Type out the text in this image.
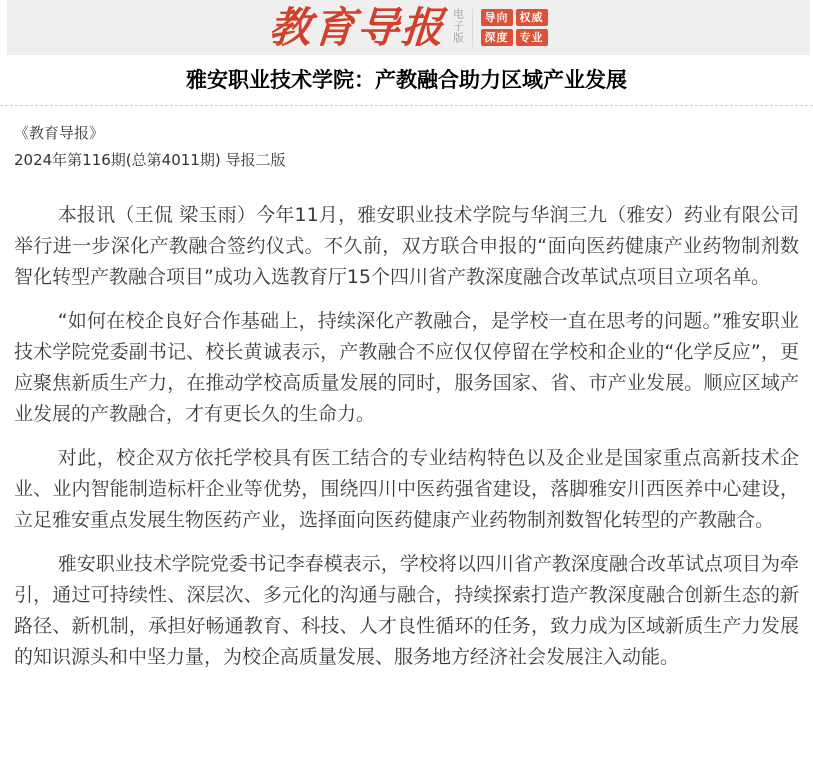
教育导报 电子版	导向	权威
深度	专业
雅安职业技术学院：产教融合助力区域产业发展
《教育导报》
2024年第116期(总第4011期) 导报二版

本报讯（王侃 梁玉雨）今年11月，雅安职业技术学院与华润三九（雅安）药业有限公司举行进一步深化产教融合签约仪式。不久前，双方联合申报的“面向医药健康产业药物制剂数智化转型产教融合项目”成功入选教育厅15个四川省产教深度融合改革试点项目立项名单。

“如何在校企良好合作基础上，持续深化产教融合，是学校一直在思考的问题。”雅安职业技术学院党委副书记、校长黄诚表示，产教融合不应仅仅停留在学校和企业的“化学反应”，更应聚焦新质生产力，在推动学校高质量发展的同时，服务国家、省、市产业发展。顺应区域产业发展的产教融合，才有更长久的生命力。

对此，校企双方依托学校具有医工结合的专业结构特色以及企业是国家重点高新技术企业、业内智能制造标杆企业等优势，围绕四川中医药强省建设，落脚雅安川西医养中心建设，立足雅安重点发展生物医药产业，选择面向医药健康产业药物制剂数智化转型的产教融合。

雅安职业技术学院党委书记李春模表示，学校将以四川省产教深度融合改革试点项目为牵引，通过可持续性、深层次、多元化的沟通与融合，持续探索打造产教深度融合创新生态的新路径、新机制，承担好畅通教育、科技、人才良性循环的任务，致力成为区域新质生产力发展的知识源头和中坚力量，为校企高质量发展、服务地方经济社会发展注入动能。
